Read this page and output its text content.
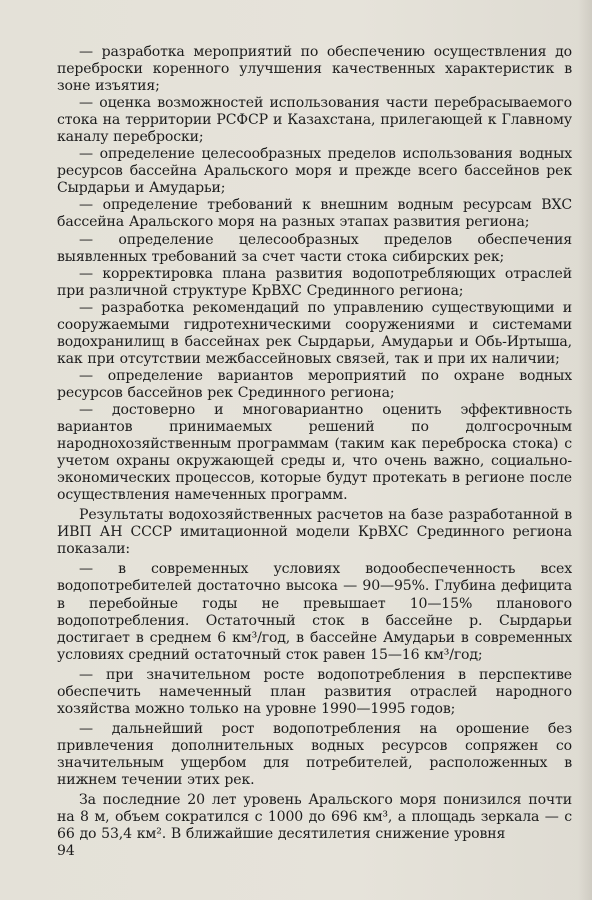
— разработка мероприятий по обеспечению осуществления до переброски коренного улучшения качественных характеристик в зоне изъятия;

— оценка возможностей использования части перебрасываемого стока на территории РСФСР и Казахстана, прилегающей к Главному каналу переброски;

— определение целесообразных пределов использования водных ресурсов бассейна Аральского моря и прежде всего бассейнов рек Сырдарьи и Амударьи;

— определение требований к внешним водным ресурсам ВХС бассейна Аральского моря на разных этапах развития региона;

— определение целесообразных пределов обеспечения выявленных требований за счет части стока сибирских рек;

— корректировка плана развития водопотребляющих отраслей при различной структуре КрВХС Срединного региона;

— разработка рекомендаций по управлению существующими и сооружаемыми гидротехническими сооружениями и системами водохранилищ в бассейнах рек Сырдарьи, Амударьи и Обь-Иртыша, как при отсутствии межбассейновых связей, так и при их наличии;

— определение вариантов мероприятий по охране водных ресурсов бассейнов рек Срединного региона;

— достоверно и многовариантно оценить эффективность вариантов принимаемых решений по долгосрочным народнохозяйственным программам (таким как переброска стока) с учетом охраны окружающей среды и, что очень важно, социально-экономических процессов, которые будут протекать в регионе после осуществления намеченных программ.

Результаты водохозяйственных расчетов на базе разработанной в ИВП АН СССР имитационной модели КрВХС Срединного региона показали:

— в современных условиях водообеспеченность всех водопотребителей достаточно высока — 90—95%. Глубина дефицита в перебойные годы не превышает 10—15% планового водопотребления. Остаточный сток в бассейне р. Сырдарьи достигает в среднем 6 км³/год, в бассейне Амударьи в современных условиях средний остаточный сток равен 15—16 км³/год;

— при значительном росте водопотребления в перспективе обеспечить намеченный план развития отраслей народного хозяйства можно только на уровне 1990—1995 годов;

— дальнейший рост водопотребления на орошение без привлечения дополнительных водных ресурсов сопряжен со значительным ущербом для потребителей, расположенных в нижнем течении этих рек.

За последние 20 лет уровень Аральского моря понизился почти на 8 м, объем сократился с 1000 до 696 км³, а площадь зеркала — с 66 до 53,4 км². В ближайшие десятилетия снижение уровня

94
